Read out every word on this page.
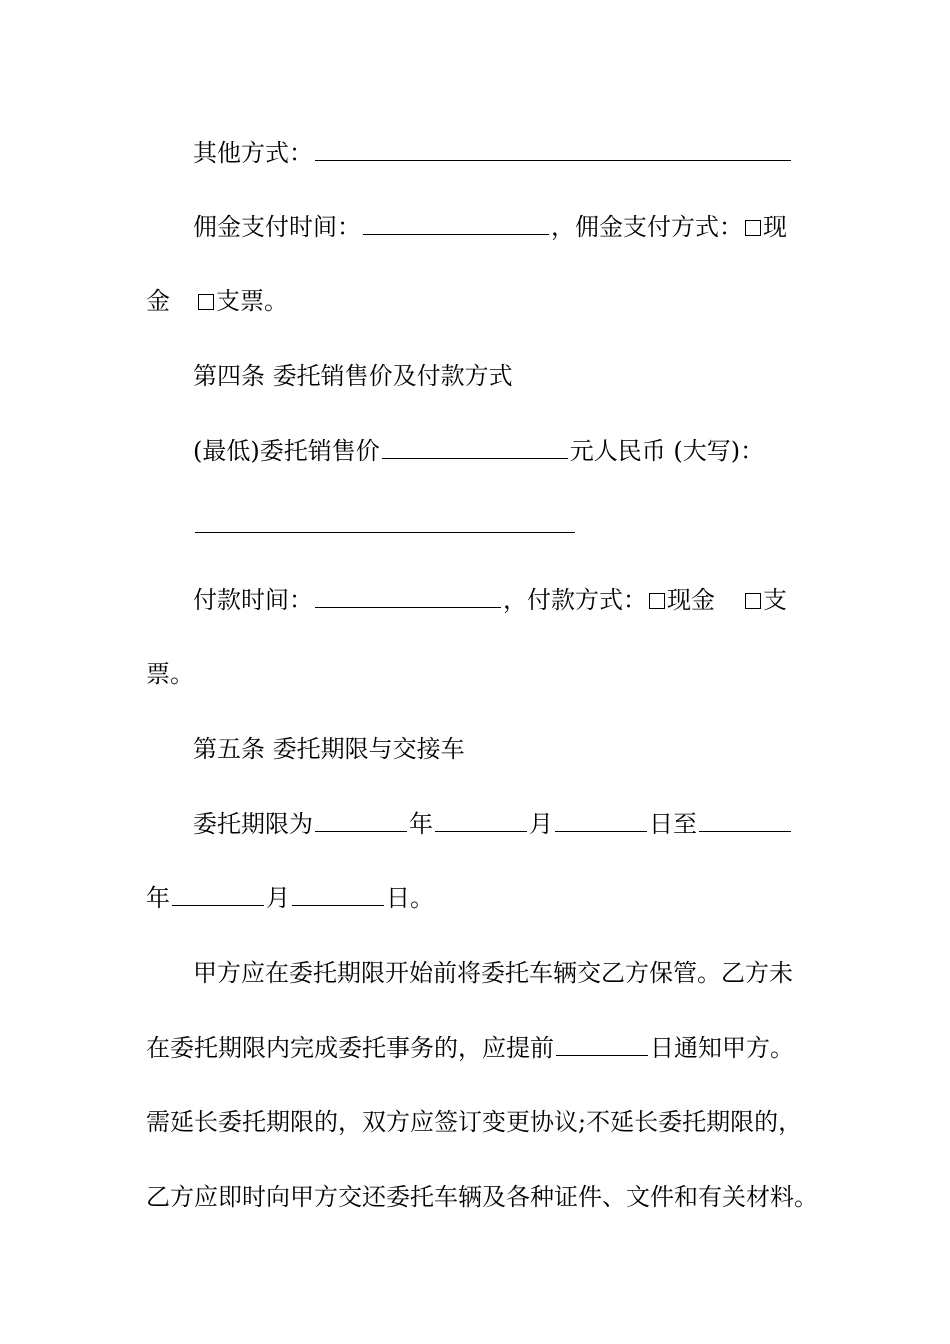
其他方式：
佣金支付时间：	，佣金支付方式： 现
金 支票。
第四条 委托销售价及付款方式
(最低)委托销售价	元人民币 (大写)：
付款时间：	，付款方式： 现金 支
票。
第五条 委托期限与交接车
委托期限为	年	月	日至
年	月	日。
甲方应在委托期限开始前将委托车辆交乙方保管。乙方未
在委托期限内完成委托事务的，应提前	日通知甲方。
需延长委托期限的，双方应签订变更协议;不延长委托期限的，
乙方应即时向甲方交还委托车辆及各种证件、文件和有关材料。
